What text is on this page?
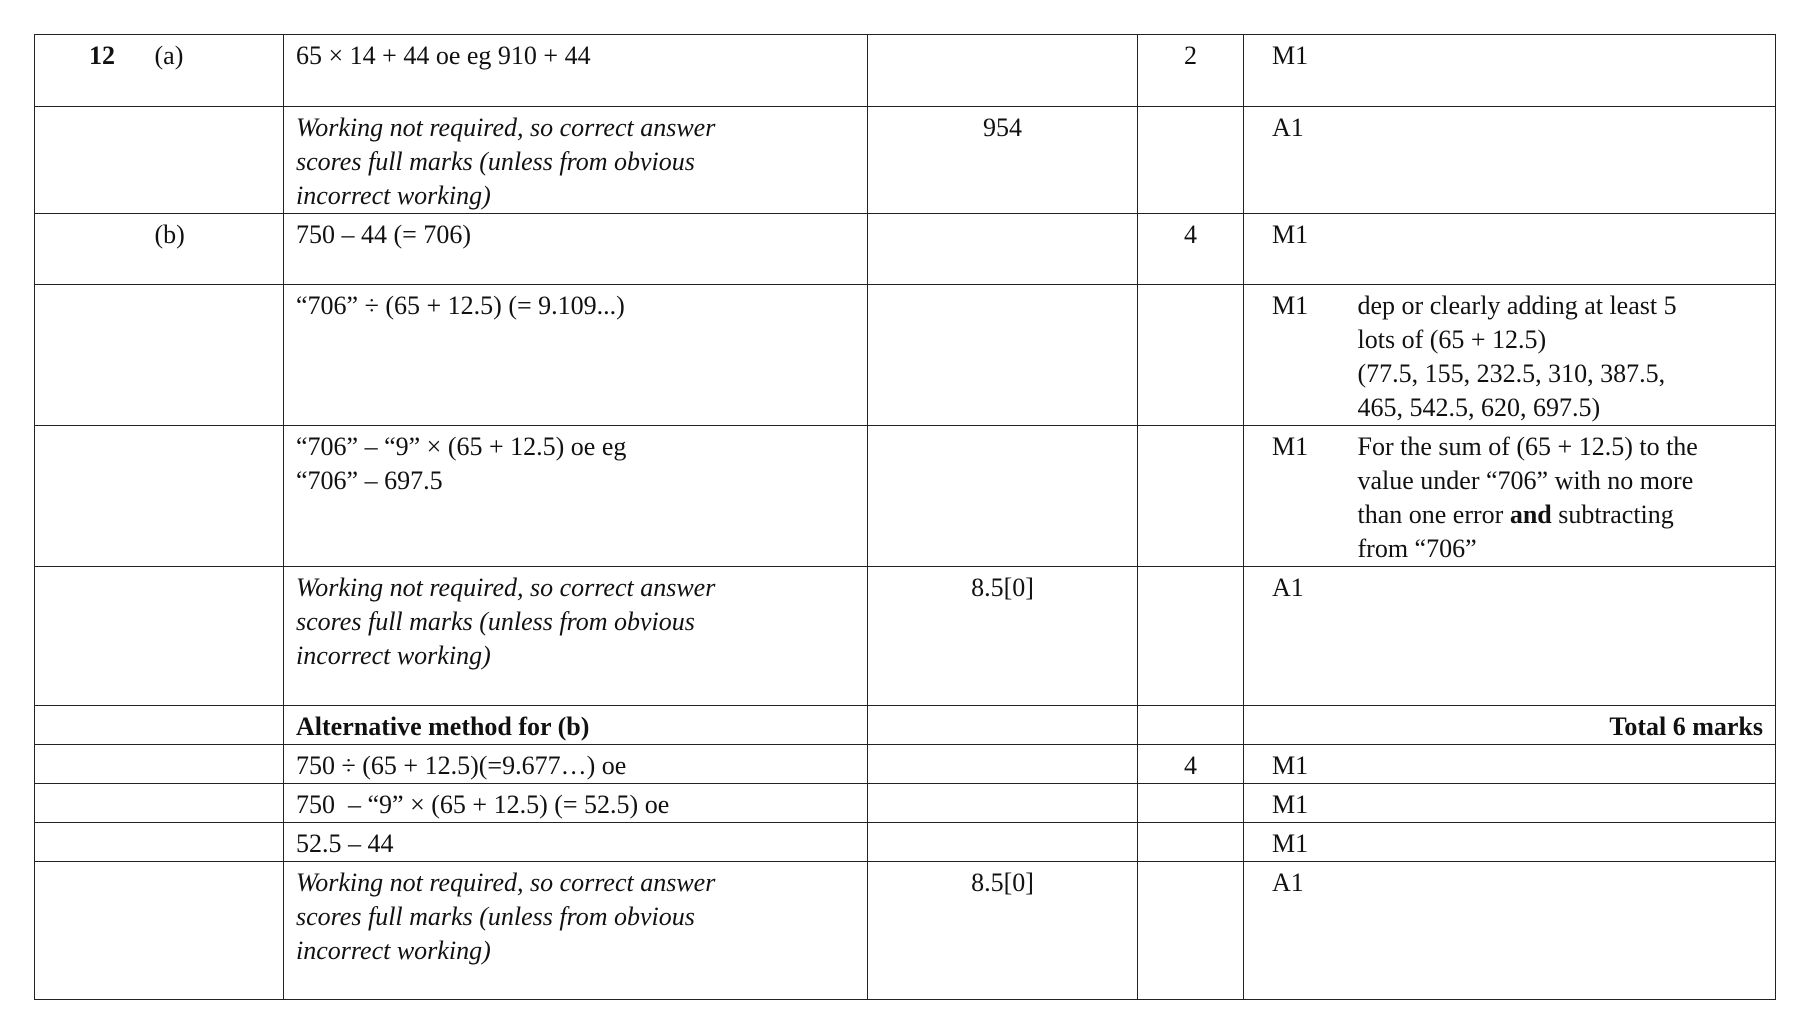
12	(a)	65 × 14 + 44 oe eg 910 + 44		2	M1	

		Working not required, so correct answer
scores full marks (unless from obvious
incorrect working)	954		A1	
	(b)	750 – 44 (= 706)		4	M1	

		“706” ÷ (65 + 12.5) (= 9.109...)			M1	dep or clearly adding at least 5
lots of (65 + 12.5)
(77.5, 155, 232.5, 310, 387.5,
465, 542.5, 620, 697.5)

		“706” – “9” × (65 + 12.5) oe eg
“706” – 697.5			M1	For the sum of (65 + 12.5) to the
value under “706” with no more
than one error and subtracting
from “706”

		Working not required, so correct answer
scores full marks (unless from obvious
incorrect working)	8.5[0]		A1	
		Alternative method for (b)			Total 6 marks	
		750 ÷ (65 + 12.5)(=9.677…) oe		4	M1	
		750  – “9” × (65 + 12.5) (= 52.5) oe			M1	
		52.5 – 44			M1	

		Working not required, so correct answer
scores full marks (unless from obvious
incorrect working)	8.5[0]		A1	
